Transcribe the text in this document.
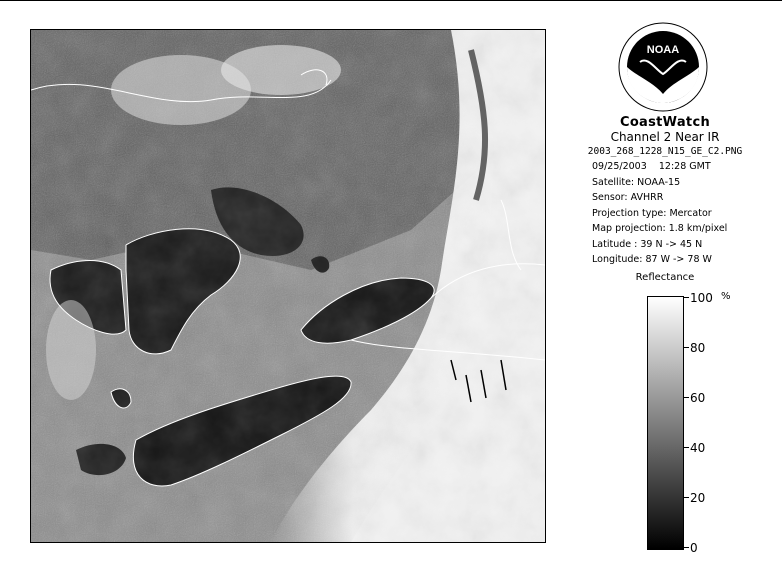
NOAA
CoastWatch
Channel 2 Near IR
2003_268_1228_N15_GE_C2.PNG
09/25/2003 12:28 GMT
Satellite: NOAA-15
Sensor: AVHRR
Projection type: Mercator
Map projection: 1.8 km/pixel
Latitude : 39 N -> 45 N
Longitude: 87 W -> 78 W
Reflectance
%
100
80
60
40
20
0
